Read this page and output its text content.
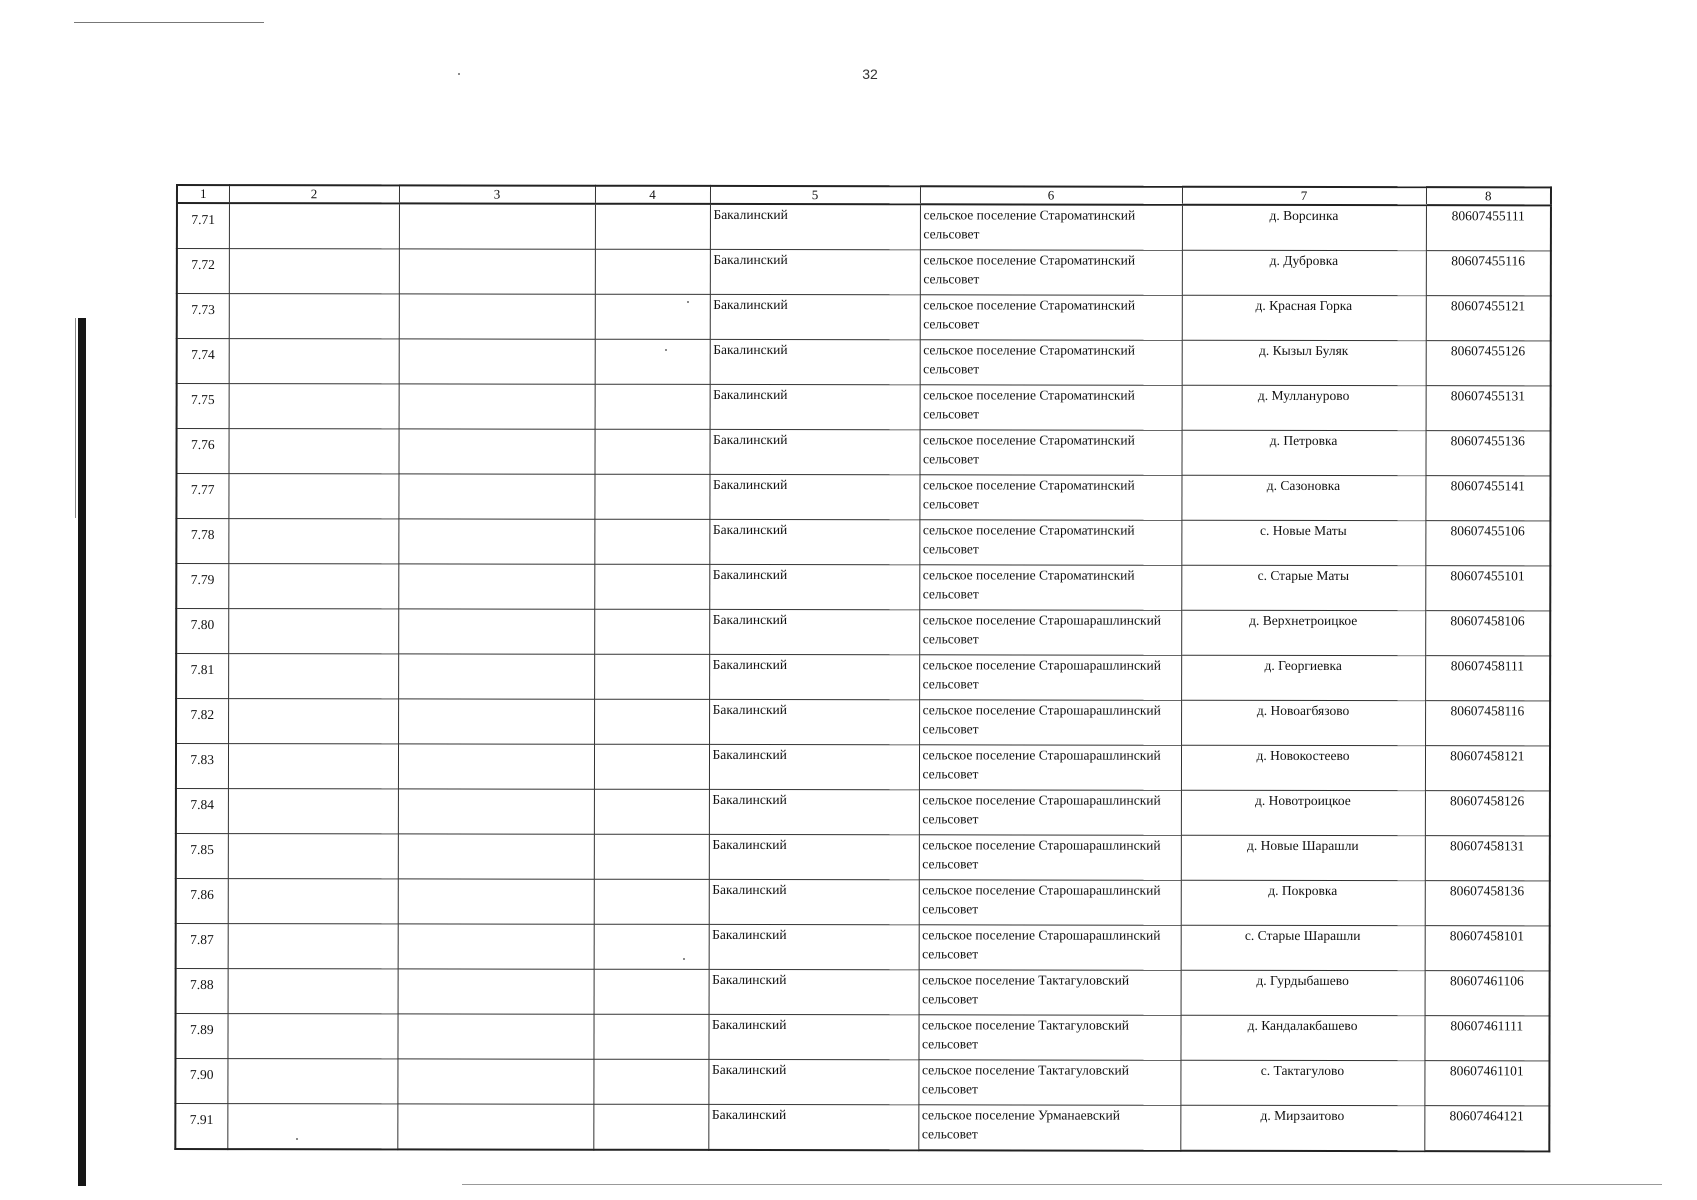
32
1	2	3	4	5	6	7	8
7.71				Бакалинский	сельское поселение Староматинский сельсовет	д. Ворсинка	80607455111
7.72				Бакалинский	сельское поселение Староматинский сельсовет	д. Дубровка	80607455116
7.73				Бакалинский	сельское поселение Староматинский сельсовет	д. Красная Горка	80607455121
7.74				Бакалинский	сельское поселение Староматинский сельсовет	д. Кызыл Буляк	80607455126
7.75				Бакалинский	сельское поселение Староматинский сельсовет	д. Мулланурово	80607455131
7.76				Бакалинский	сельское поселение Староматинский сельсовет	д. Петровка	80607455136
7.77				Бакалинский	сельское поселение Староматинский сельсовет	д. Сазоновка	80607455141
7.78				Бакалинский	сельское поселение Староматинский сельсовет	с. Новые Маты	80607455106
7.79				Бакалинский	сельское поселение Староматинский сельсовет	с. Старые Маты	80607455101
7.80				Бакалинский	сельское поселение Старошарашлинский сельсовет	д. Верхнетроицкое	80607458106
7.81				Бакалинский	сельское поселение Старошарашлинский сельсовет	д. Георгиевка	80607458111
7.82				Бакалинский	сельское поселение Старошарашлинский сельсовет	д. Новоагбязово	80607458116
7.83				Бакалинский	сельское поселение Старошарашлинский сельсовет	д. Новокостеево	80607458121
7.84				Бакалинский	сельское поселение Старошарашлинский сельсовет	д. Новотроицкое	80607458126
7.85				Бакалинский	сельское поселение Старошарашлинский сельсовет	д. Новые Шарашли	80607458131
7.86				Бакалинский	сельское поселение Старошарашлинский сельсовет	д. Покровка	80607458136
7.87				Бакалинский	сельское поселение Старошарашлинский сельсовет	с. Старые Шарашли	80607458101
7.88				Бакалинский	сельское поселение Тактагуловский сельсовет	д. Гурдыбашево	80607461106
7.89				Бакалинский	сельское поселение Тактагуловский сельсовет	д. Кандалакбашево	80607461111
7.90				Бакалинский	сельское поселение Тактагуловский сельсовет	с. Тактагулово	80607461101
7.91				Бакалинский	сельское поселение Урманаевский сельсовет	д. Мирзаитово	80607464121
